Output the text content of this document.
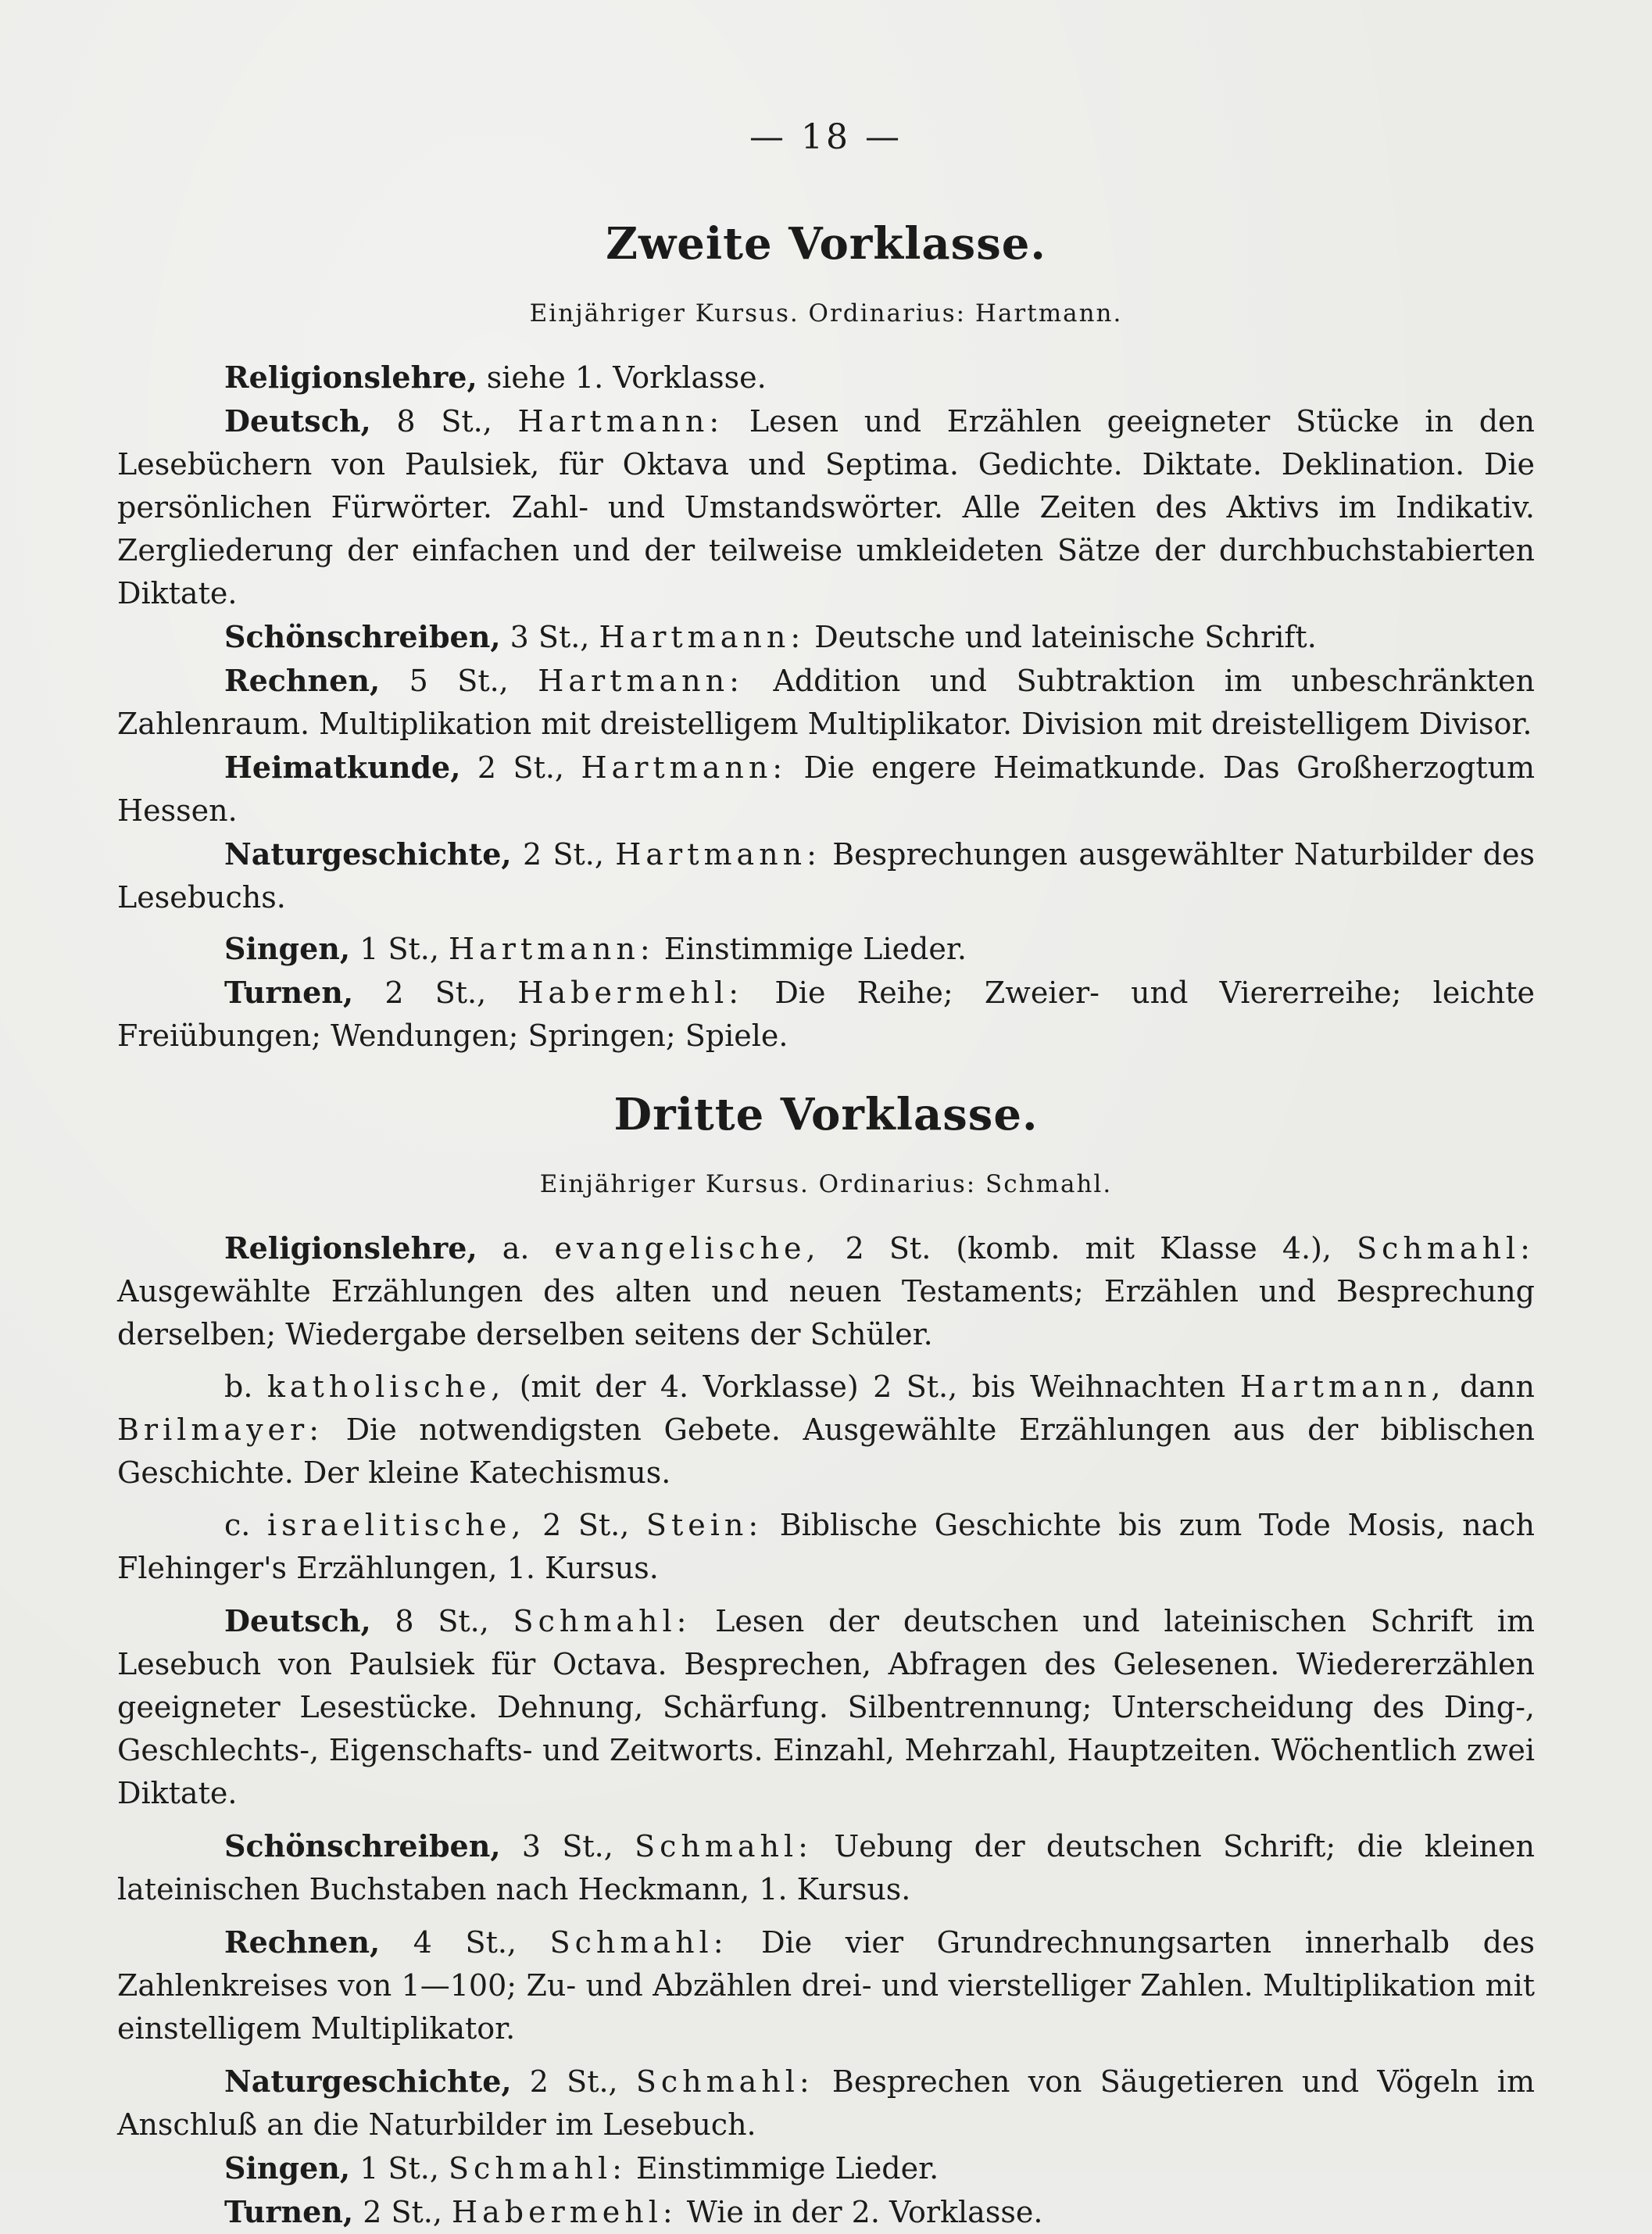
— 18 —
Zweite Vorklasse.
Einjähriger Kursus. Ordinarius: Hartmann.

Religionslehre, siehe 1. Vorklasse.

Deutsch, 8 St., Hartmann: Lesen und Erzählen geeigneter Stücke in den Lesebüchern von Paulsiek, für Oktava und Septima. Gedichte. Diktate. Deklination. Die persönlichen Fürwörter. Zahl- und Umstandswörter. Alle Zeiten des Aktivs im Indikativ. Zergliederung der einfachen und der teilweise umkleideten Sätze der durchbuchstabierten Diktate.

Schönschreiben, 3 St., Hartmann: Deutsche und lateinische Schrift.

Rechnen, 5 St., Hartmann: Addition und Subtraktion im unbeschränkten Zahlenraum. Multiplikation mit dreistelligem Multiplikator. Division mit dreistelligem Divisor.

Heimatkunde, 2 St., Hartmann: Die engere Heimatkunde. Das Großherzogtum Hessen.

Naturgeschichte, 2 St., Hartmann: Besprechungen ausgewählter Naturbilder des Lesebuchs.

Singen, 1 St., Hartmann: Einstimmige Lieder.

Turnen, 2 St., Habermehl: Die Reihe; Zweier- und Viererreihe; leichte Freiübungen; Wendungen; Springen; Spiele.

Dritte Vorklasse.
Einjähriger Kursus. Ordinarius: Schmahl.

Religionslehre, a. evangelische, 2 St. (komb. mit Klasse 4.), Schmahl: Ausgewählte Erzählungen des alten und neuen Testaments; Erzählen und Besprechung derselben; Wiedergabe derselben seitens der Schüler.

b. katholische, (mit der 4. Vorklasse) 2 St., bis Weihnachten Hartmann, dann Brilmayer: Die notwendigsten Gebete. Ausgewählte Erzählungen aus der biblischen Geschichte. Der kleine Katechismus.

c. israelitische, 2 St., Stein: Biblische Geschichte bis zum Tode Mosis, nach Flehinger's Erzählungen, 1. Kursus.

Deutsch, 8 St., Schmahl: Lesen der deutschen und lateinischen Schrift im Lesebuch von Paulsiek für Octava. Besprechen, Abfragen des Gelesenen. Wiedererzählen geeigneter Lesestücke. Dehnung, Schärfung. Silbentrennung; Unterscheidung des Ding-, Geschlechts-, Eigenschafts- und Zeitworts. Einzahl, Mehrzahl, Hauptzeiten. Wöchentlich zwei Diktate.

Schönschreiben, 3 St., Schmahl: Uebung der deutschen Schrift; die kleinen lateinischen Buchstaben nach Heckmann, 1. Kursus.

Rechnen, 4 St., Schmahl: Die vier Grundrechnungsarten innerhalb des Zahlenkreises von 1—100; Zu- und Abzählen drei- und vierstelliger Zahlen. Multiplikation mit einstelligem Multiplikator.

Naturgeschichte, 2 St., Schmahl: Besprechen von Säugetieren und Vögeln im Anschluß an die Naturbilder im Lesebuch.

Singen, 1 St., Schmahl: Einstimmige Lieder.

Turnen, 2 St., Habermehl: Wie in der 2. Vorklasse.
